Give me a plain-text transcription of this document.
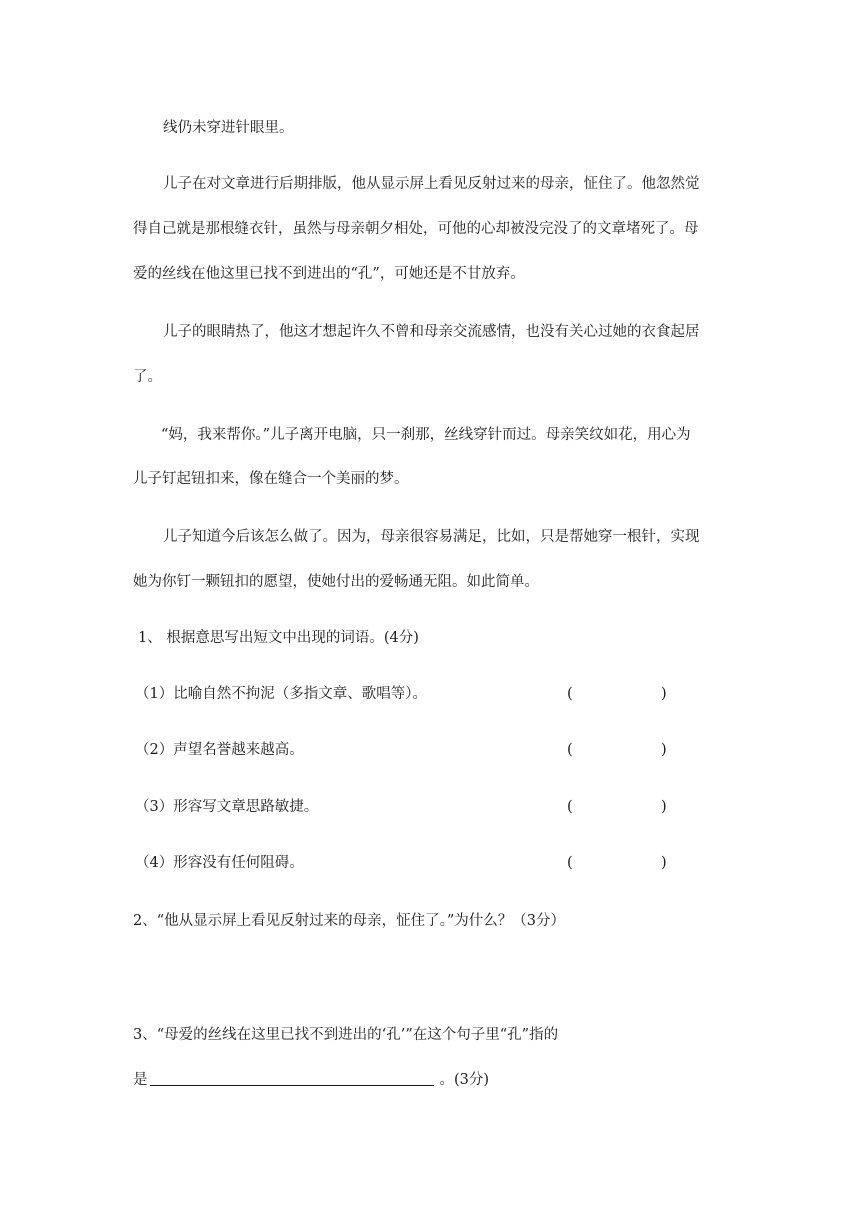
线仍未穿进针眼里。
儿子在对文章进行后期排版，他从显示屏上看见反射过来的母亲，怔住了。他忽然觉
得自己就是那根缝衣针，虽然与母亲朝夕相处，可他的心却被没完没了的文章堵死了。母
爱的丝线在他这里已找不到进出的“孔”，可她还是不甘放弃。
儿子的眼睛热了，他这才想起许久不曾和母亲交流感情，也没有关心过她的衣食起居
了。
“妈，我来帮你。”儿子离开电脑，只一刹那，丝线穿针而过。母亲笑纹如花，用心为
儿子钉起钮扣来，像在缝合一个美丽的梦。
儿子知道今后该怎么做了。因为，母亲很容易满足，比如，只是帮她穿一根针，实现
她为你钉一颗钮扣的愿望，使她付出的爱畅通无阻。如此简单。
1、 根据意思写出短文中出现的词语。(4分)
（1）比喻自然不拘泥（多指文章、歌唱等）。	(	)
（2）声望名誉越来越高。	(	)
（3）形容写文章思路敏捷。	(	)
（4）形容没有任何阻碍。	(	)
2、“他从显示屏上看见反射过来的母亲，怔住了。”为什么？（3分）
3、“母爱的丝线在这里已找不到进出的‘孔’”在这个句子里“孔”指的
是	。(3分)
